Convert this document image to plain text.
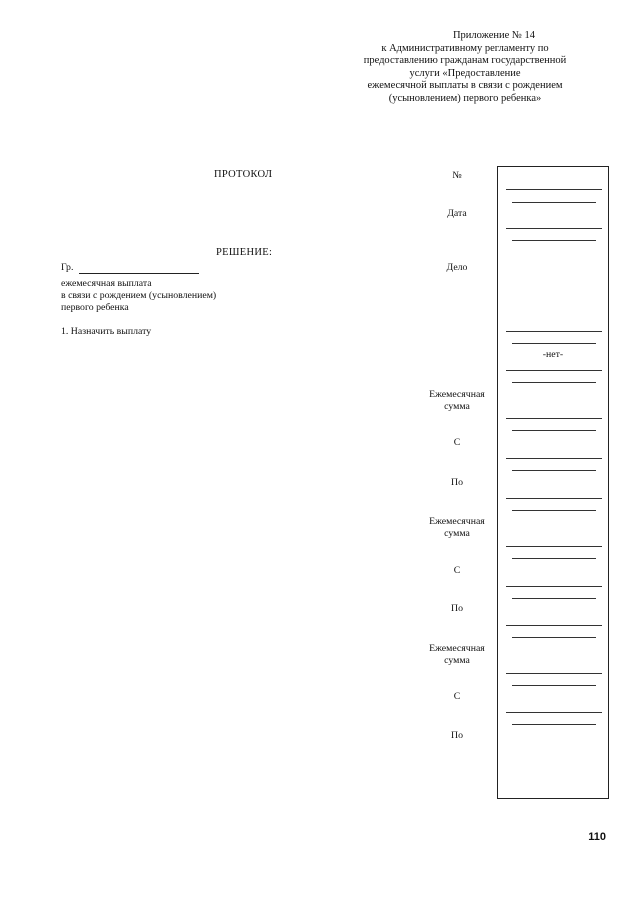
Приложение № 14
к Административному регламенту по
предоставлению гражданам государственной
услуги «Предоставление
ежемесячной выплаты в связи с рождением
(усыновлением) первого ребенка»
ПРОТОКОЛ
РЕШЕНИЕ:
Гр.
ежемесячная выплата
в связи с рождением (усыновлением)
первого ребенка
1. Назначить выплату
№
Дата
Дело
Ежемесячная сумма
С
По
Ежемесячная сумма
С
По
Ежемесячная сумма
С
По
-нет-
110
